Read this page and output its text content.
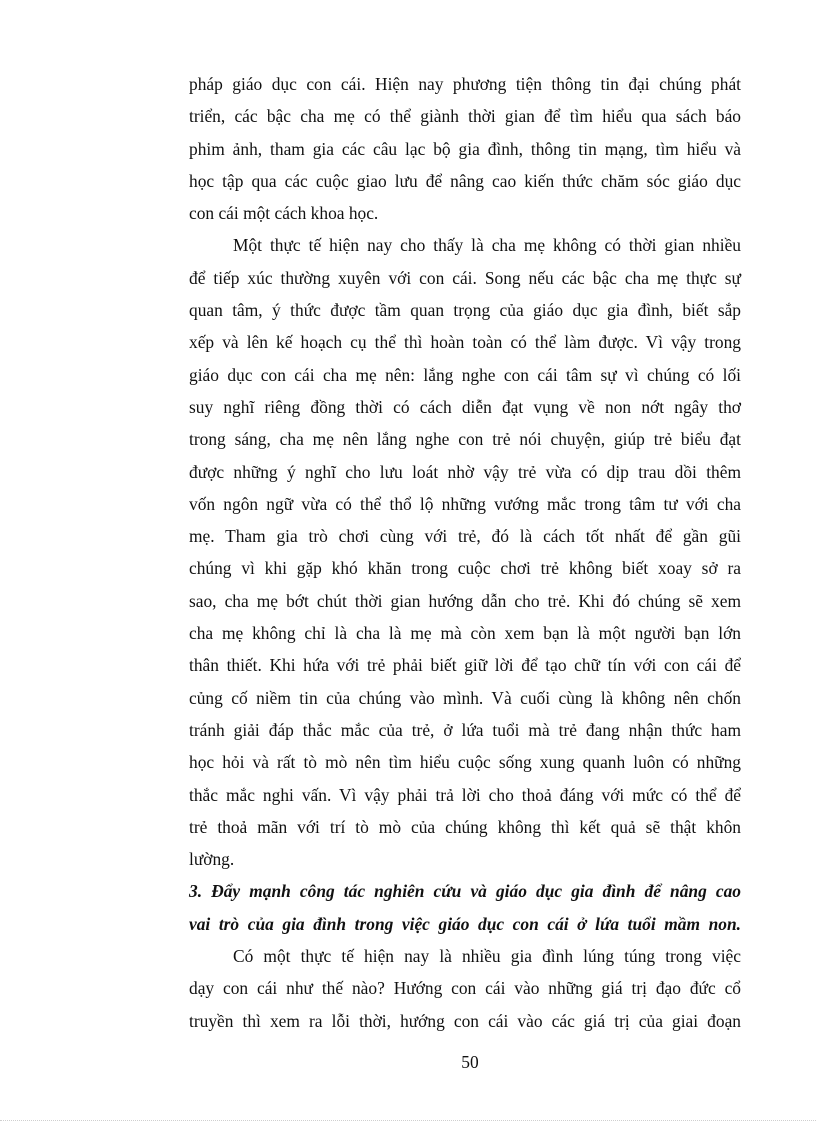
pháp giáo dục con cái. Hiện nay phương tiện thông tin đại chúng phát
triển, các bậc cha mẹ có thể giành thời gian để tìm hiểu qua sách báo
phim ảnh, tham gia các câu lạc bộ gia đình, thông tin mạng, tìm hiểu và
học tập qua các cuộc giao lưu để nâng cao kiến thức chăm sóc giáo dục
con cái một cách khoa học.
Một thực tế hiện nay cho thấy là cha mẹ không có thời gian nhiều
để tiếp xúc thường xuyên với con cái. Song nếu các bậc cha mẹ thực sự
quan tâm, ý thức được tầm quan trọng của giáo dục gia đình, biết sắp
xếp và lên kế hoạch cụ thể thì hoàn toàn có thể làm được. Vì vậy trong
giáo dục con cái cha mẹ nên: lắng nghe con cái tâm sự vì chúng có lối
suy nghĩ riêng đồng thời có cách diễn đạt vụng về non nớt ngây thơ
trong sáng, cha mẹ nên lắng nghe con trẻ nói chuyện, giúp trẻ biểu đạt
được những ý nghĩ cho lưu loát nhờ vậy trẻ vừa có dịp trau dồi thêm
vốn ngôn ngữ vừa có thể thổ lộ những vướng mắc trong tâm tư với cha
mẹ. Tham gia trò chơi cùng với trẻ, đó là cách tốt nhất để gần gũi
chúng vì khi gặp khó khăn trong cuộc chơi trẻ không biết xoay sở ra
sao, cha mẹ bớt chút thời gian hướng dẫn cho trẻ. Khi đó chúng sẽ xem
cha mẹ không chỉ là cha là mẹ mà còn xem bạn là một người bạn lớn
thân thiết. Khi hứa với trẻ phải biết giữ lời để tạo chữ tín với con cái để
củng cố niềm tin của chúng vào mình. Và cuối cùng là không nên chốn
tránh giải đáp thắc mắc của trẻ, ở lứa tuổi mà trẻ đang nhận thức ham
học hỏi và rất tò mò nên tìm hiểu cuộc sống xung quanh luôn có những
thắc mắc nghi vấn. Vì vậy phải trả lời cho thoả đáng với mức có thể để
trẻ thoả mãn với trí tò mò của chúng không thì kết quả sẽ thật khôn
lường.
3. Đẩy mạnh công tác nghiên cứu và giáo dục gia đình để nâng cao
vai trò của gia đình trong việc giáo dục con cái ở lứa tuổi mầm non.
Có một thực tế hiện nay là nhiều gia đình lúng túng trong việc
dạy con cái như thế nào? Hướng con cái vào những giá trị đạo đức cổ
truyền thì xem ra lỗi thời, hướng con cái vào các giá trị của giai đoạn
50
